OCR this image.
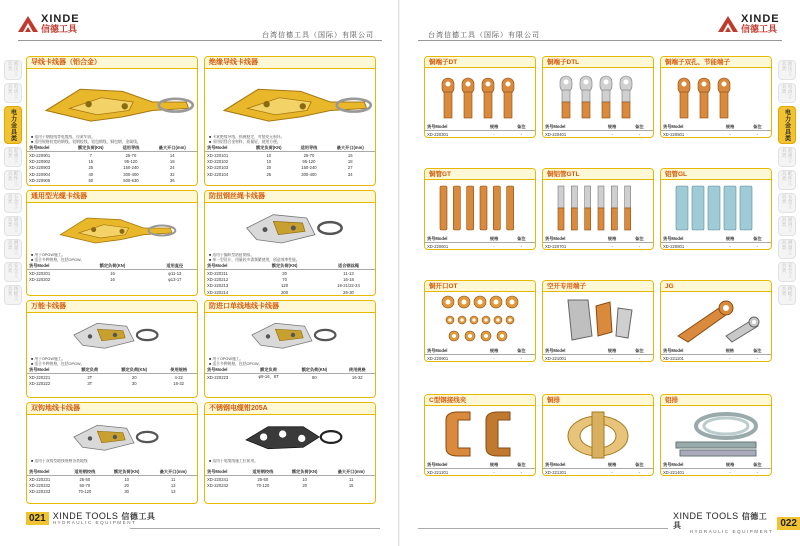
XINDE
信德工具
台湾信德工具（国际）有限公司
液压工具类
电动工具类
电力金具类
起重工具类
配件工具类
五金工具类
通用工具类
测量工具类
安全工具类
线缆工具类
导线卡线器（铝合金）
■ 适用于钢绞线等电缆线，拉紧牢固。
■ 适用规格较宽的钢线，铝钢绞线，铝包钢线，铜包钢，金属线。
货号Model	额定负荷(KN)	适用导线	最大开口(mm)
XD-220901	7	25-70	14
XD-220902	15	95-120	18
XD-220903	25	150-240	24
XD-220904	40	300-400	32
XD-220905	50	500-630	36
绝缘导线卡线器
■ 卡紧绝缘导线，抓握稳定，对塑皮无损坏。
■ 采用铝镁合金材料，质量轻，使用方便。
货号Model	额定负荷(KN)	适用导线	最大开口(mm)
XD-220101	10	25-70	15
XD-220102	10	95-120	18
XD-220103	20	150-240	27
XD-220104	25	300-400	34
通用型光缆卡线器
■ 用于OPGW施工。
■ 适合多种规格，包括OPGW。
货号Model	额定负荷(KN)		适用直径
XD-220201	16		φ11-13
XD-220202	16		φ13-17
防扭钢丝绳卡线器
■ 适用于编织型防扭钢丝。
■ 单一型设计，用量较多需频繁使用，创造效率性能。
货号Model	额定负荷(KN)		适合钢丝绳
XD-220211	30		11-13
XD-220212	70		16-18
XD-220213	120		19-21/22-24
XD-220214	200		26-30
万能卡线器
■ 用于OPGW施工。
■ 适合多种规格，包括OPGW。
货号Model	额定负荷	额定负荷(KN)	使用规格
XD-220221	2T	20	4-22
XD-220222	3T	30	16-32
防进口单线地线卡线器
■ 用于OPGW施工。
■ 适合多种规格，包括OPGW。
货号Model	额定负荷	额定负荷(KN)	使用规格
XD-220223	φ9-16，8T	80	16-32
双钩地线卡线器
■ 适用于双钩型地线规格各类地线
货号Model	适用钢绞线	额定负荷(KN)	最大开口(mm)
XD-220231	25-50	10	11
XD-220232	50-70	20	13
XD-220233	70-120	30	13
不锈钢电缆钳205A
■ 适用于电缆线施工拉紧用。
货号Model	适用钢绞线	额定负荷(KN)	最大开口(mm)
XD-220241	25-50	10	11
XD-220242	70-120	20	15
021 XINDE TOOLS 信德工具
HYDRAULIC EQUIPMENT
XINDE
信德工具
台湾信德工具（国际）有限公司
液压工具类
电动工具类
电力金具类
起重工具类
配件工具类
五金工具类
通用工具类
测量工具类
安全工具类
线缆工具类
铜端子DT
货号Model	规格	备注
XD-220301	-	-
铜端子DTL
货号Model	规格	备注
XD-220401	-	-
铜端子双孔、节能端子
货号Model	规格	备注
XD-220501	-	-
铜管GT
货号Model	规格	备注
XD-220601	-	-
铜铝管GTL
货号Model	规格	备注
XD-220701	-	-
铝管GL
货号Model	规格	备注
XD-220801	-	-
铜开口OT
货号Model	规格	备注
XD-220901	-	-
空开专用端子
货号Model	规格	备注
XD-221001	-	-
JG
货号Model	规格	备注
XD-221101	-	-
C型钢接线夹
货号Model	规格	备注
XD-221201	-	-
铜排
货号Model	规格	备注
XD-221301	-	-
铝排
货号Model	规格	备注
XD-221401	-	-
XINDE TOOLS 信德工具
HYDRAULIC EQUIPMENT
022
